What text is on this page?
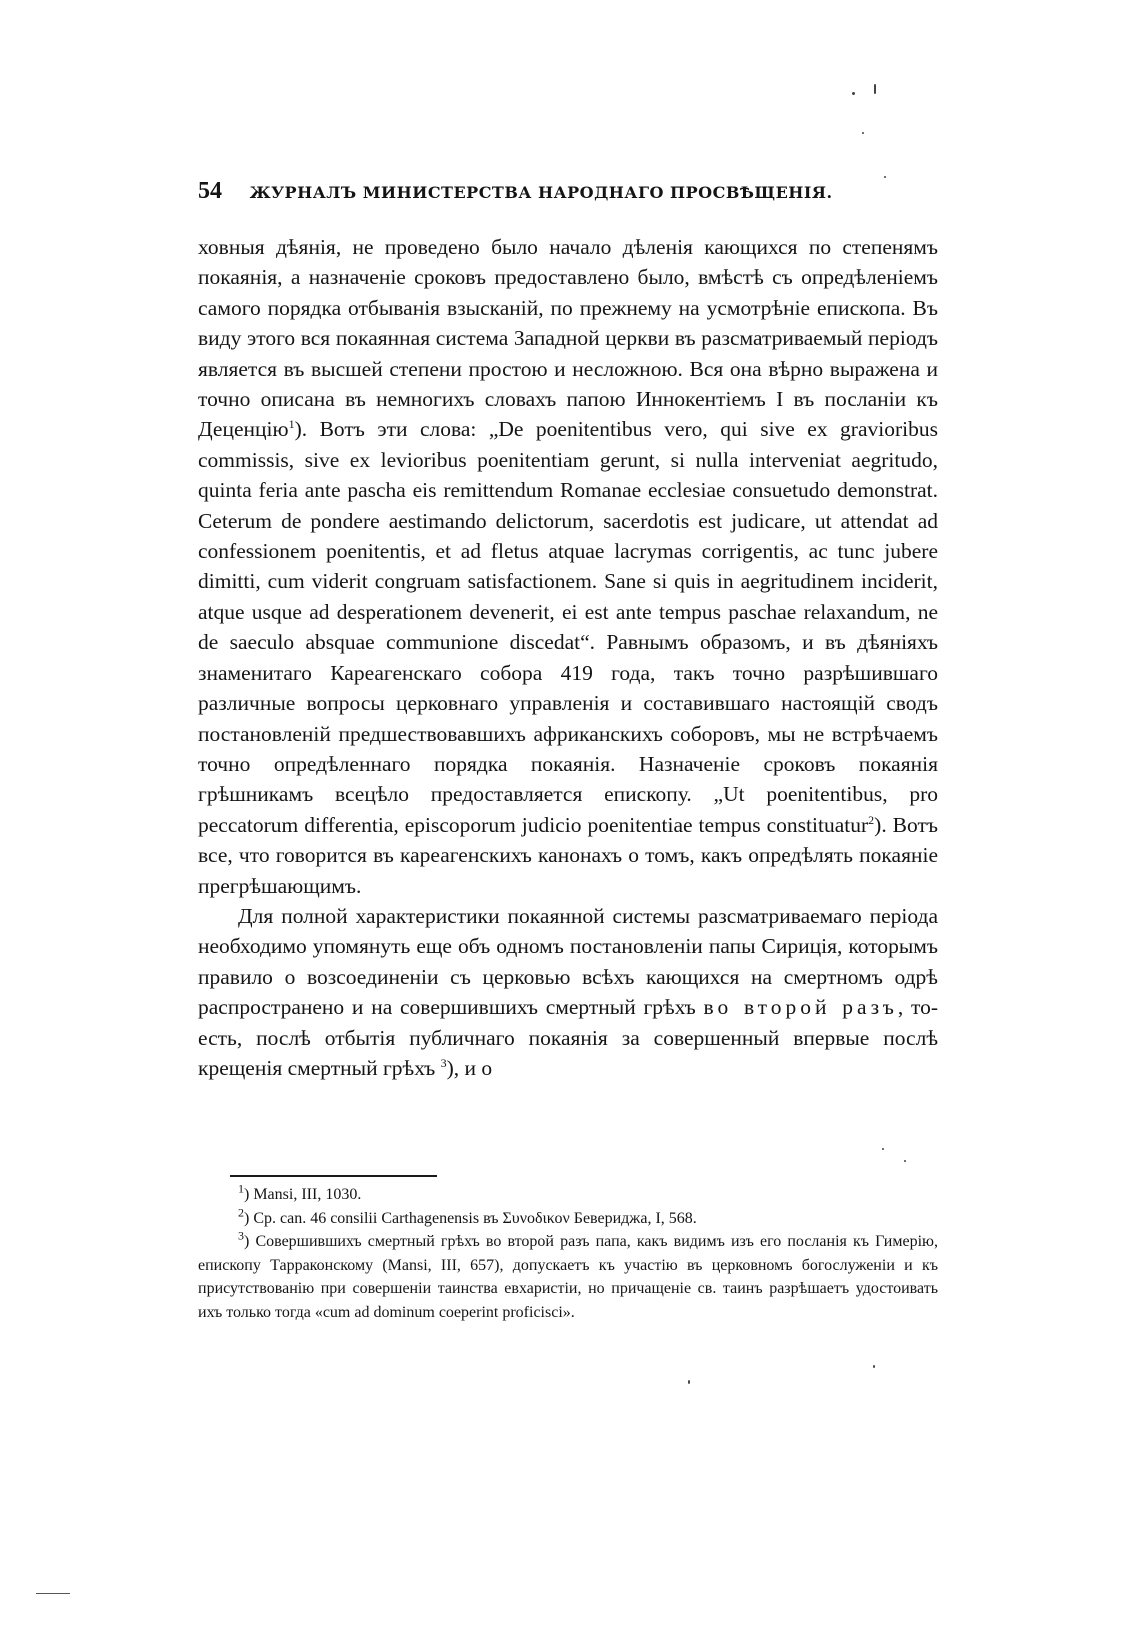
54 ЖУРНАЛЪ МИНИСТЕРСТВА НАРОДНАГО ПРОСВѢЩЕНІЯ.

ховныя дѣянія, не проведено было начало дѣленія кающихся по степенямъ покаянія, а назначеніе сроковъ предоставлено было, вмѣстѣ съ опредѣленіемъ самого порядка отбыванія взысканій, по прежнему на усмотрѣніе епископа. Въ виду этого вся покаянная система Западной церкви въ разсматриваемый періодъ является въ высшей степени простою и несложною. Вся она вѣрно выражена и точно описана въ немногихъ словахъ папою Иннокентіемъ I въ посланіи къ Деценцію$^1$). Вотъ эти слова: „De poenitentibus vero, qui sive ex gravioribus commissis, sive ex levioribus poenitentiam gerunt, si nulla interveniat aegritudo, quinta feria ante pascha eis remittendum Romanae ecclesiae consuetudo demonstrat. Ceterum de pondere aestimando delictorum, sacerdotis est judicare, ut attendat ad confessionem poenitentis, et ad fletus atquae lacrymas corrigentis, ac tunc jubere dimitti, cum viderit congruam satisfactionem. Sane si quis in aegritudinem inciderit, atque usque ad desperationem devenerit, ei est ante tempus paschae relaxandum, ne de saeculo absquae communione discedat“. Равнымъ образомъ, и въ дѣяніяхъ знаменитаго Кареагенскаго собора 419 года, такъ точно разрѣшившаго различные вопросы церковнаго управленія и составившаго настоящій сводъ постановленій предшествовавшихъ африканскихъ соборовъ, мы не встрѣчаемъ точно опредѣленнаго порядка покаянія. Назначеніе сроковъ покаянія грѣшникамъ всецѣло предоставляется епископу. „Ut poenitentibus, pro peccatorum differentia, episcoporum judicio poenitentiae tempus constituatur$^2$). Вотъ все, что говорится въ кареагенскихъ канонахъ о томъ, какъ опредѣлять покаяніе прегрѣшающимъ.

Для полной характеристики покаянной системы разсматриваемаго періода необходимо упомянуть еще объ одномъ постановленіи папы Сириція, которымъ правило о возсоединеніи съ церковью всѣхъ кающихся на смертномъ одрѣ распространено и на совершившихъ смертный грѣхъ во второй разъ, то-есть, послѣ отбытія публичнаго покаянія за совершенный впервые послѣ крещенія смертный грѣхъ $^3$), и о

$^1$) Mansi, III, 1030.

$^2$) Ср. can. 46 consilii Carthagenensis въ Συνοδικον Бевериджа, I, 568.

$^3$) Совершившихъ смертный грѣхъ во второй разъ папа, какъ видимъ изъ его посланія къ Гимерію, епископу Тарраконскому (Mansi, III, 657), допускаетъ къ участію въ церковномъ богослуженіи и къ присутствованію при совершеніи таинства евхаристіи, но причащеніе св. таинъ разрѣшаетъ удостоивать ихъ только тогда «cum ad dominum coeperint proficisci».
